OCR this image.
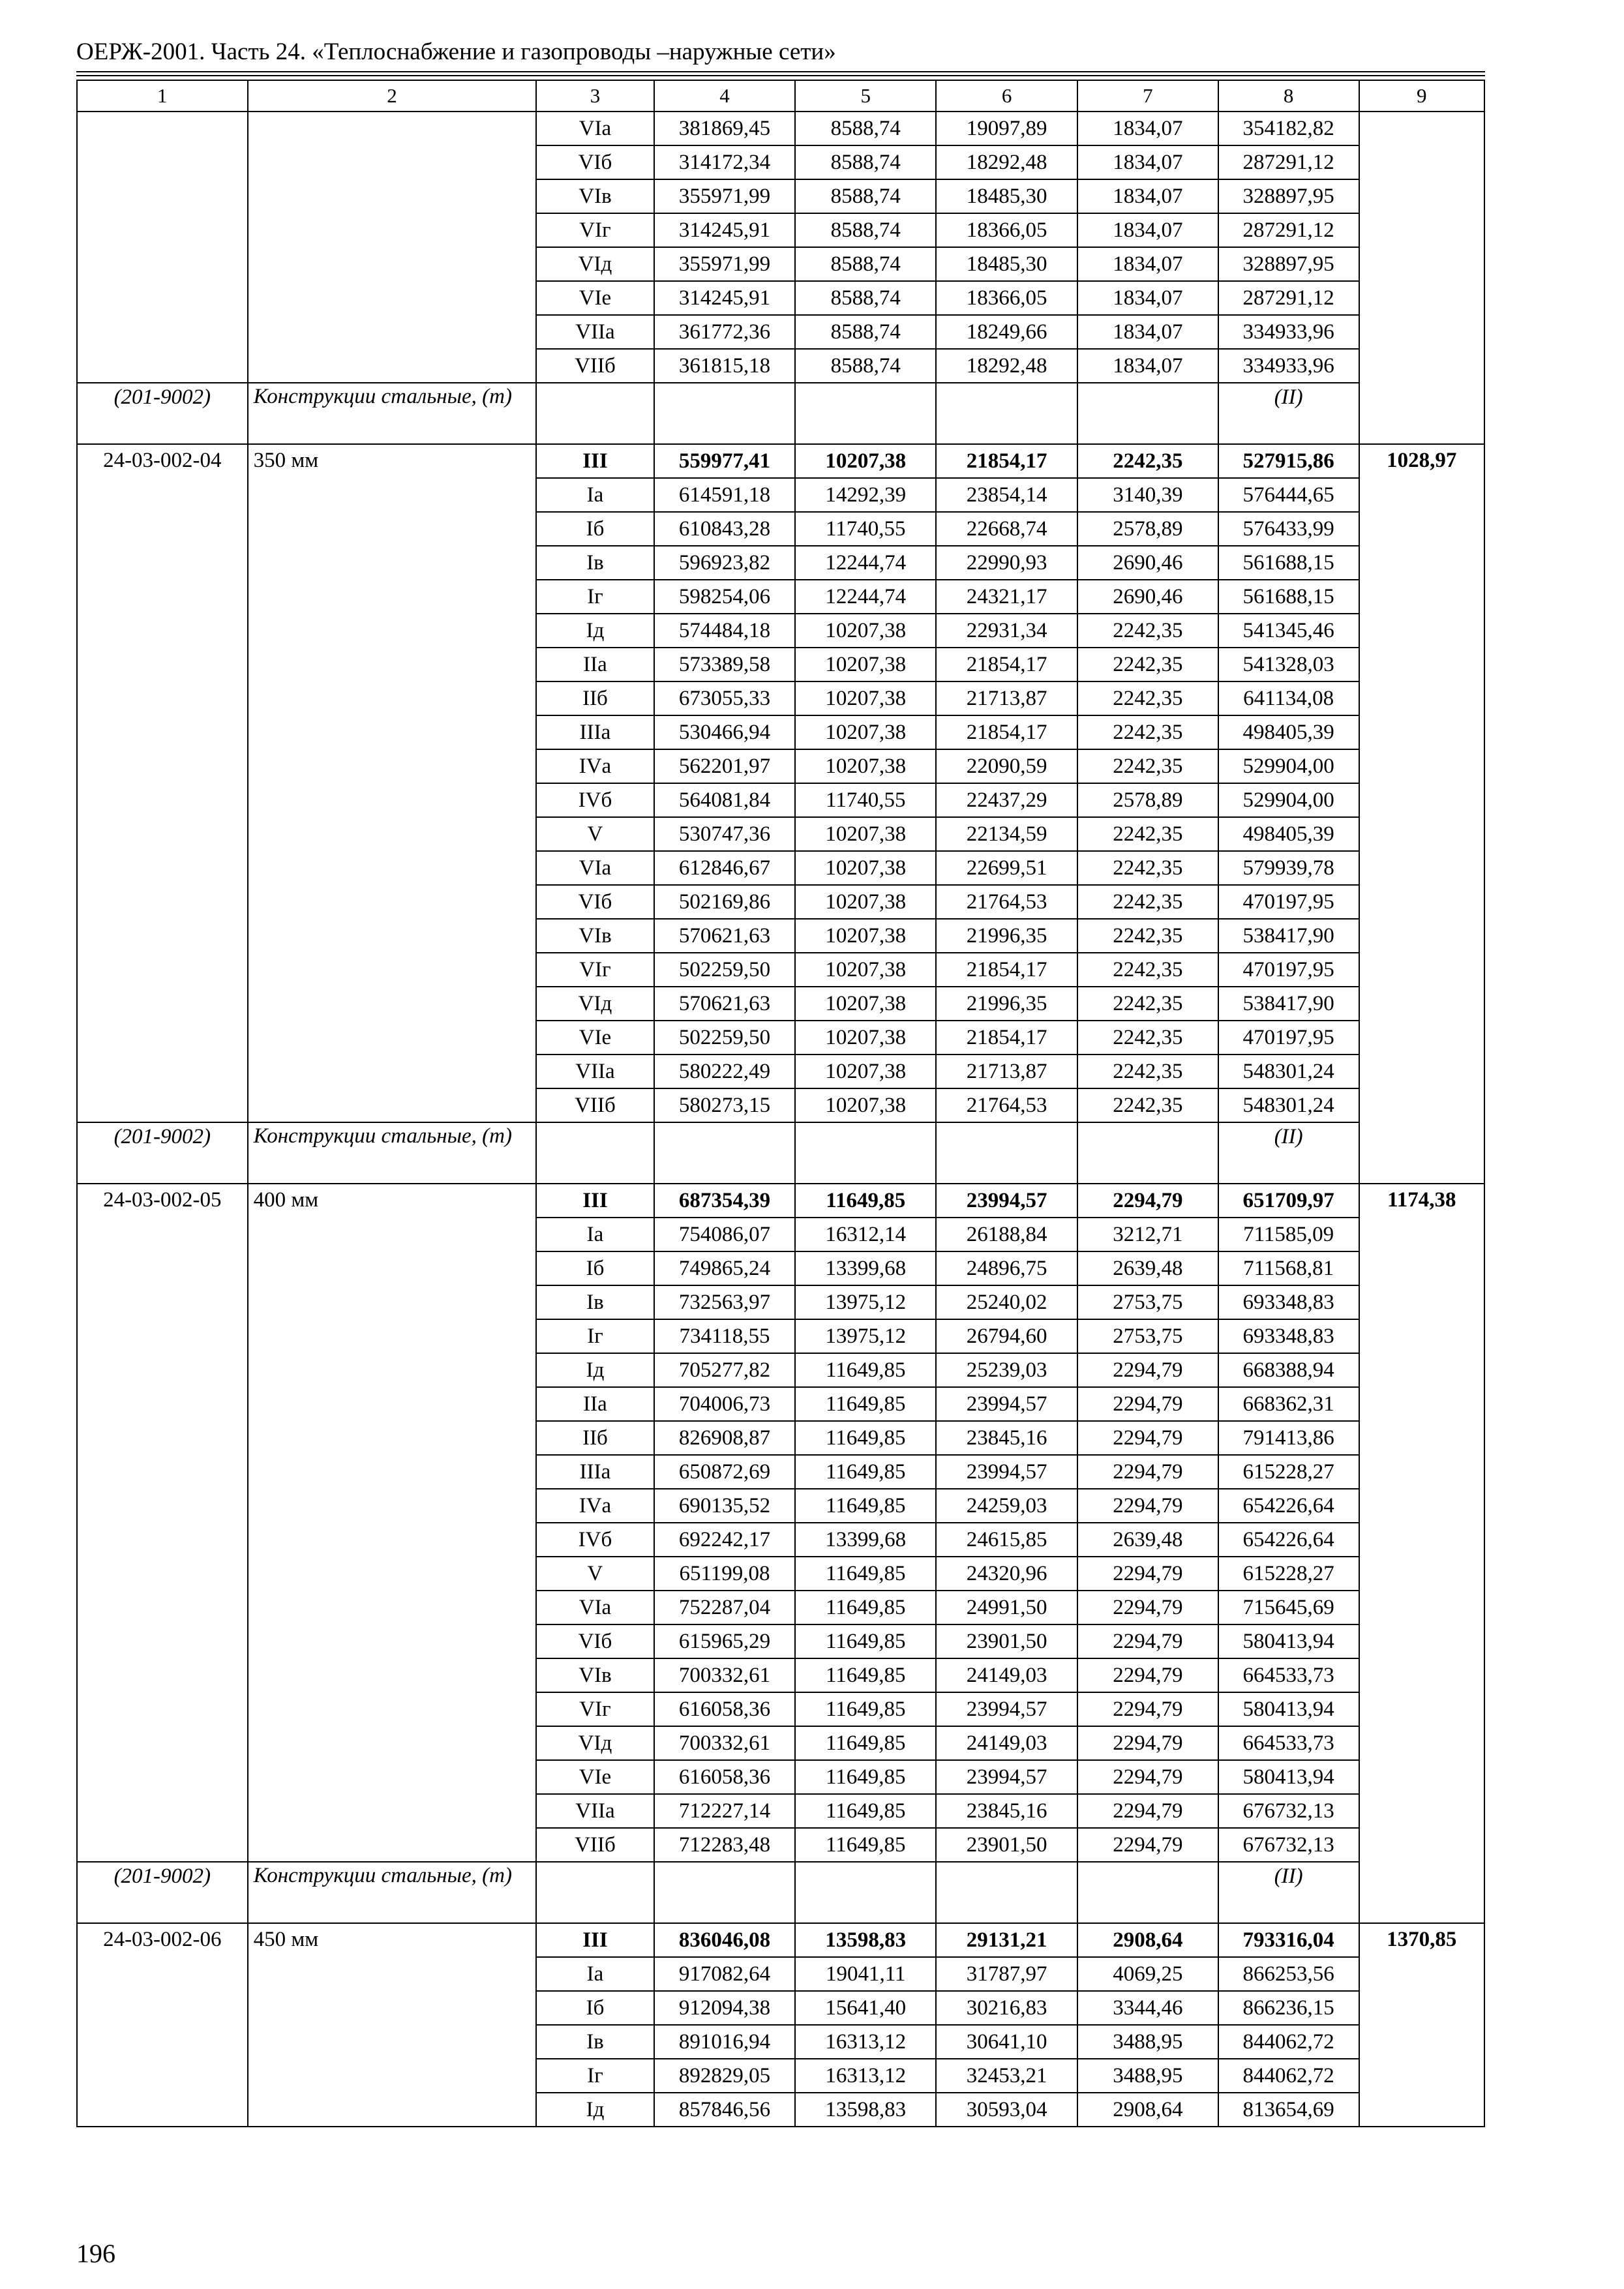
ОЕРЖ-2001. Часть 24. «Теплоснабжение и газопроводы –наружные сети»
1	2	3	4	5	6	7	8	9
		VIа	381869,45	8588,74	19097,89	1834,07	354182,82	
		VIб	314172,34	8588,74	18292,48	1834,07	287291,12	
		VIв	355971,99	8588,74	18485,30	1834,07	328897,95	
		VIг	314245,91	8588,74	18366,05	1834,07	287291,12	
		VIд	355971,99	8588,74	18485,30	1834,07	328897,95	
		VIе	314245,91	8588,74	18366,05	1834,07	287291,12	
		VIIа	361772,36	8588,74	18249,66	1834,07	334933,96	
		VIIб	361815,18	8588,74	18292,48	1834,07	334933,96	
(201-9002)	Конструкции стальные, (т)						(II)	

24-03-002-04	350 мм	III	559977,41	10207,38	21854,17	2242,35	527915,86	1028,97
		Iа	614591,18	14292,39	23854,14	3140,39	576444,65	
		Iб	610843,28	11740,55	22668,74	2578,89	576433,99	
		Iв	596923,82	12244,74	22990,93	2690,46	561688,15	
		Iг	598254,06	12244,74	24321,17	2690,46	561688,15	
		Iд	574484,18	10207,38	22931,34	2242,35	541345,46	
		IIа	573389,58	10207,38	21854,17	2242,35	541328,03	
		IIб	673055,33	10207,38	21713,87	2242,35	641134,08	
		IIIа	530466,94	10207,38	21854,17	2242,35	498405,39	
		IVа	562201,97	10207,38	22090,59	2242,35	529904,00	
		IVб	564081,84	11740,55	22437,29	2578,89	529904,00	
		V	530747,36	10207,38	22134,59	2242,35	498405,39	
		VIа	612846,67	10207,38	22699,51	2242,35	579939,78	
		VIб	502169,86	10207,38	21764,53	2242,35	470197,95	
		VIв	570621,63	10207,38	21996,35	2242,35	538417,90	
		VIг	502259,50	10207,38	21854,17	2242,35	470197,95	
		VIд	570621,63	10207,38	21996,35	2242,35	538417,90	
		VIе	502259,50	10207,38	21854,17	2242,35	470197,95	
		VIIа	580222,49	10207,38	21713,87	2242,35	548301,24	
		VIIб	580273,15	10207,38	21764,53	2242,35	548301,24	
(201-9002)	Конструкции стальные, (т)						(II)	

24-03-002-05	400 мм	III	687354,39	11649,85	23994,57	2294,79	651709,97	1174,38
		Iа	754086,07	16312,14	26188,84	3212,71	711585,09	
		Iб	749865,24	13399,68	24896,75	2639,48	711568,81	
		Iв	732563,97	13975,12	25240,02	2753,75	693348,83	
		Iг	734118,55	13975,12	26794,60	2753,75	693348,83	
		Iд	705277,82	11649,85	25239,03	2294,79	668388,94	
		IIа	704006,73	11649,85	23994,57	2294,79	668362,31	
		IIб	826908,87	11649,85	23845,16	2294,79	791413,86	
		IIIа	650872,69	11649,85	23994,57	2294,79	615228,27	
		IVа	690135,52	11649,85	24259,03	2294,79	654226,64	
		IVб	692242,17	13399,68	24615,85	2639,48	654226,64	
		V	651199,08	11649,85	24320,96	2294,79	615228,27	
		VIа	752287,04	11649,85	24991,50	2294,79	715645,69	
		VIб	615965,29	11649,85	23901,50	2294,79	580413,94	
		VIв	700332,61	11649,85	24149,03	2294,79	664533,73	
		VIг	616058,36	11649,85	23994,57	2294,79	580413,94	
		VIд	700332,61	11649,85	24149,03	2294,79	664533,73	
		VIе	616058,36	11649,85	23994,57	2294,79	580413,94	
		VIIа	712227,14	11649,85	23845,16	2294,79	676732,13	
		VIIб	712283,48	11649,85	23901,50	2294,79	676732,13	
(201-9002)	Конструкции стальные, (т)						(II)	

24-03-002-06	450 мм	III	836046,08	13598,83	29131,21	2908,64	793316,04	1370,85
		Iа	917082,64	19041,11	31787,97	4069,25	866253,56	
		Iб	912094,38	15641,40	30216,83	3344,46	866236,15	
		Iв	891016,94	16313,12	30641,10	3488,95	844062,72	
		Iг	892829,05	16313,12	32453,21	3488,95	844062,72	
		Iд	857846,56	13598,83	30593,04	2908,64	813654,69	
196
